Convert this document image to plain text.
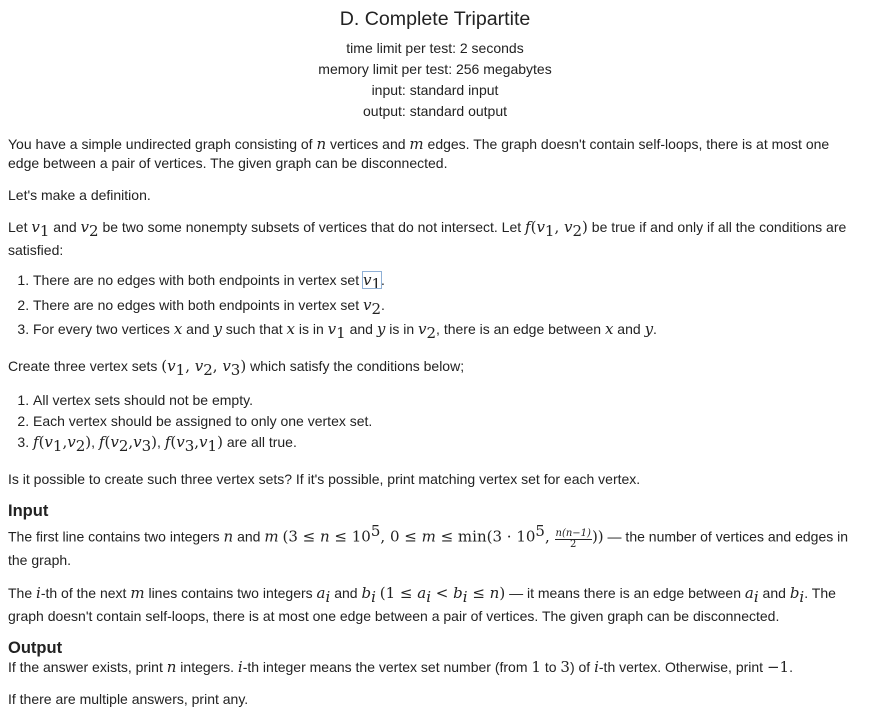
D. Complete Tripartite
time limit per test: 2 seconds
memory limit per test: 256 megabytes
input: standard input
output: standard output

You have a simple undirected graph consisting of n vertices and m edges. The graph doesn't contain self-loops, there is at most one edge between a pair of vertices. The given graph can be disconnected.

Let's make a definition.

Let $v_1$ and $v_2$ be two some nonempty subsets of vertices that do not intersect. Let $f(v_1$, $v_2$) be true if and only if all the conditions are satisfied:

1. There are no edges with both endpoints in vertex set $v_1$.
2. There are no edges with both endpoints in vertex set $v_2$.
3. For every two vertices x and y such that x is in $v_1$ and y is in $v_2$, there is an edge between x and y.

Create three vertex sets ($v_1$, $v_2$, $v_3$) which satisfy the conditions below;

1. All vertex sets should not be empty.
2. Each vertex should be assigned to only one vertex set.
3. $f(v_1,v_2)$, $f(v_2,v_3)$, $f(v_3,v_1)$ are all true.

Is it possible to create such three vertex sets? If it's possible, print matching vertex set for each vertex.

Input

The first line contains two integers n and m ($3 \le n \le 10^5$, $0 \le m \le \min(3 \cdot 10^5$, $\frac{n(n-1)}{2}$ )) — the number of vertices and edges in the graph.

The i-th of the next m lines contains two integers $a_i$ and $b_i$ $(1 \le a_i < b_i \le n)$ — it means there is an edge between $a_i$ and $b_i$. The graph doesn't contain self-loops, there is at most one edge between a pair of vertices. The given graph can be disconnected.

Output

If the answer exists, print n integers. i-th integer means the vertex set number (from 1 to 3) of i-th vertex. Otherwise, print −1.

If there are multiple answers, print any.
